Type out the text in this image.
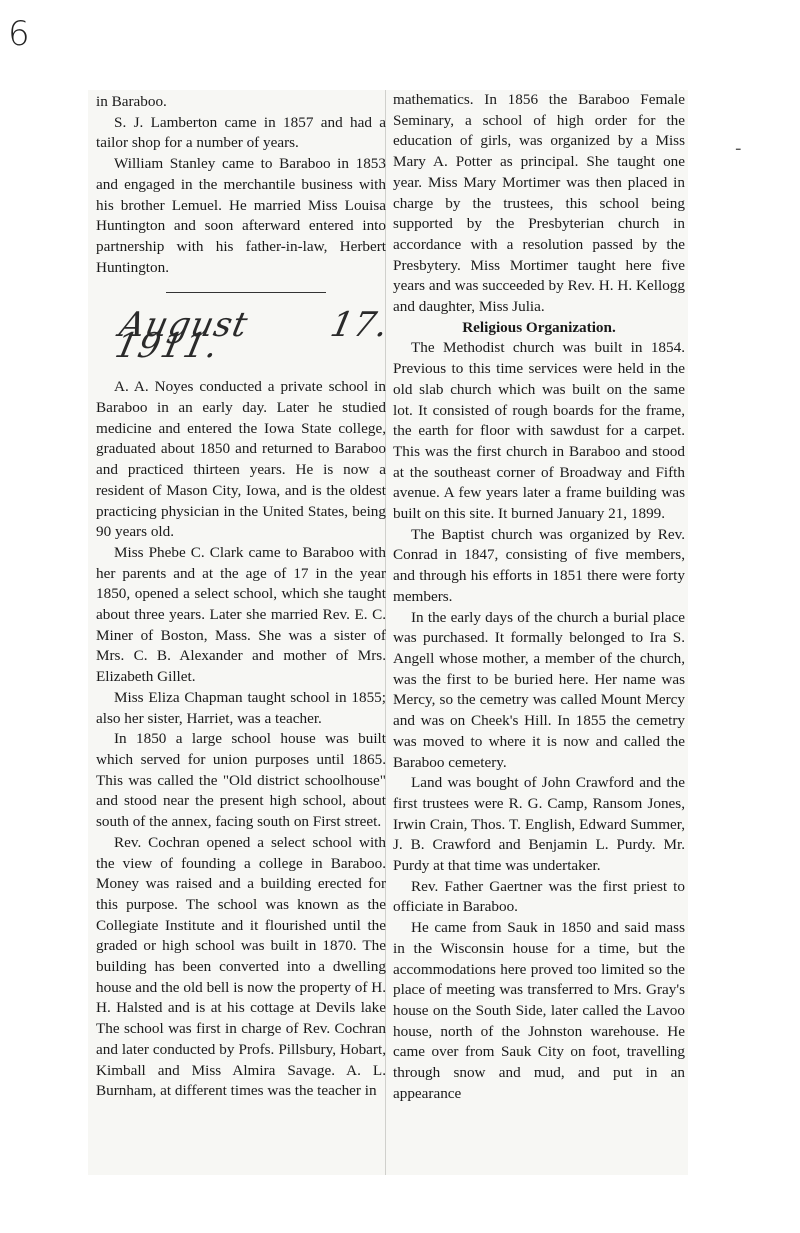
6
-

in Baraboo.

S. J. Lamberton came in 1857 and had a tailor shop for a number of years.

William Stanley came to Baraboo in 1853 and engaged in the merchantile business with his brother Lemuel. He married Miss Louisa Huntington and soon afterward entered into partnership with his father-in-law, Herbert Huntington.

August 17. 1911.

A. A. Noyes conducted a private school in Baraboo in an early day. Later he studied medicine and entered the Iowa State college, graduated about 1850 and returned to Baraboo and practiced thirteen years. He is now a resident of Mason City, Iowa, and is the oldest practicing physician in the United States, being 90 years old.

Miss Phebe C. Clark came to Baraboo with her parents and at the age of 17 in the year 1850, opened a select school, which she taught about three years. Later she married Rev. E. C. Miner of Boston, Mass. She was a sister of Mrs. C. B. Alexander and mother of Mrs. Elizabeth Gillet.

Miss Eliza Chapman taught school in 1855; also her sister, Harriet, was a teacher.

In 1850 a large school house was built which served for union purposes until 1865. This was called the "Old district schoolhouse" and stood near the present high school, about south of the annex, facing south on First street.

Rev. Cochran opened a select school with the view of founding a college in Baraboo. Money was raised and a building erected for this purpose. The school was known as the Collegiate Institute and it flourished until the graded or high school was built in 1870. The building has been converted into a dwelling house and the old bell is now the property of H. H. Halsted and is at his cottage at Devils lake The school was first in charge of Rev. Cochran and later conducted by Profs. Pillsbury, Hobart, Kimball and Miss Almira Savage. A. L. Burnham, at different times was the teacher in

mathematics. In 1856 the Baraboo Female Seminary, a school of high order for the education of girls, was organized by a Miss Mary A. Potter as principal. She taught one year. Miss Mary Mortimer was then placed in charge by the trustees, this school being supported by the Presbyterian church in accordance with a resolution passed by the Presbytery. Miss Mortimer taught here five years and was succeeded by Rev. H. H. Kellogg and daughter, Miss Julia.

Religious Organization.

The Methodist church was built in 1854. Previous to this time services were held in the old slab church which was built on the same lot. It consisted of rough boards for the frame, the earth for floor with sawdust for a carpet. This was the first church in Baraboo and stood at the southeast corner of Broadway and Fifth avenue. A few years later a frame building was built on this site. It burned January 21, 1899.

The Baptist church was organized by Rev. Conrad in 1847, consisting of five members, and through his efforts in 1851 there were forty members.

In the early days of the church a burial place was purchased. It formally belonged to Ira S. Angell whose mother, a member of the church, was the first to be buried here. Her name was Mercy, so the cemetry was called Mount Mercy and was on Cheek's Hill. In 1855 the cemetry was moved to where it is now and called the Baraboo cemetery.

Land was bought of John Crawford and the first trustees were R. G. Camp, Ransom Jones, Irwin Crain, Thos. T. English, Edward Summer, J. B. Crawford and Benjamin L. Purdy. Mr. Purdy at that time was undertaker.

Rev. Father Gaertner was the first priest to officiate in Baraboo.

He came from Sauk in 1850 and said mass in the Wisconsin house for a time, but the accommodations here proved too limited so the place of meeting was transferred to Mrs. Gray's house on the South Side, later called the Lavoo house, north of the Johnston warehouse. He came over from Sauk City on foot, travelling through snow and mud, and put in an appearance
